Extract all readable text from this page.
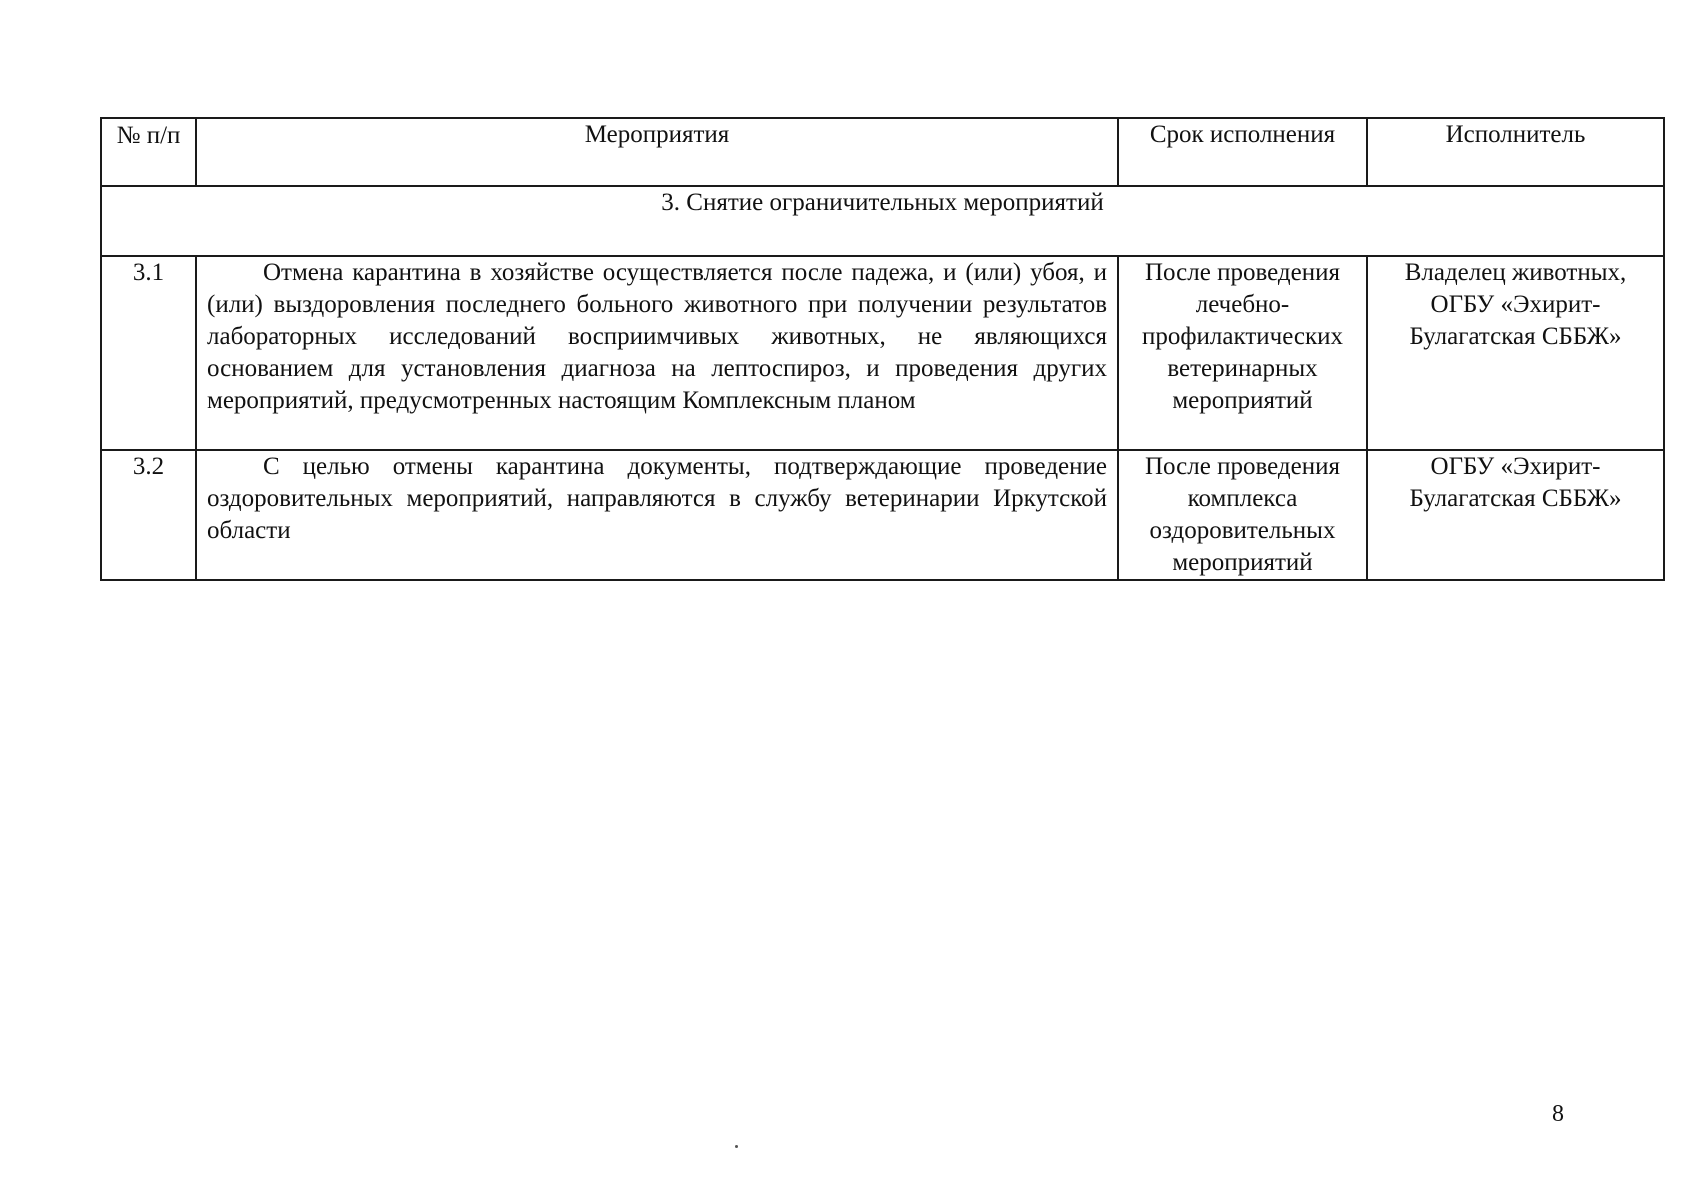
№ п/п	Мероприятия	Срок исполнения	Исполнитель
3. Снятие ограничительных мероприятий			
3.1	Отмена карантина в хозяйстве осуществляется после падежа, и (или) убоя, и (или) выздоровления последнего больного животного при получении результатов лабораторных исследований восприимчивых животных, не являющихся основанием для установления диагноза на лептоспироз, и проведения других мероприятий, предусмотренных настоящим Комплексным планом	После проведения лечебно-профилактических ветеринарных мероприятий	Владелец животных, ОГБУ «Эхирит-Булагатская СББЖ»
3.2	С целью отмены карантина документы, подтверждающие проведение оздоровительных мероприятий, направляются в службу ветеринарии Иркутской области	После проведения комплекса оздоровительных мероприятий	ОГБУ «Эхирит-Булагатская СББЖ»
8
